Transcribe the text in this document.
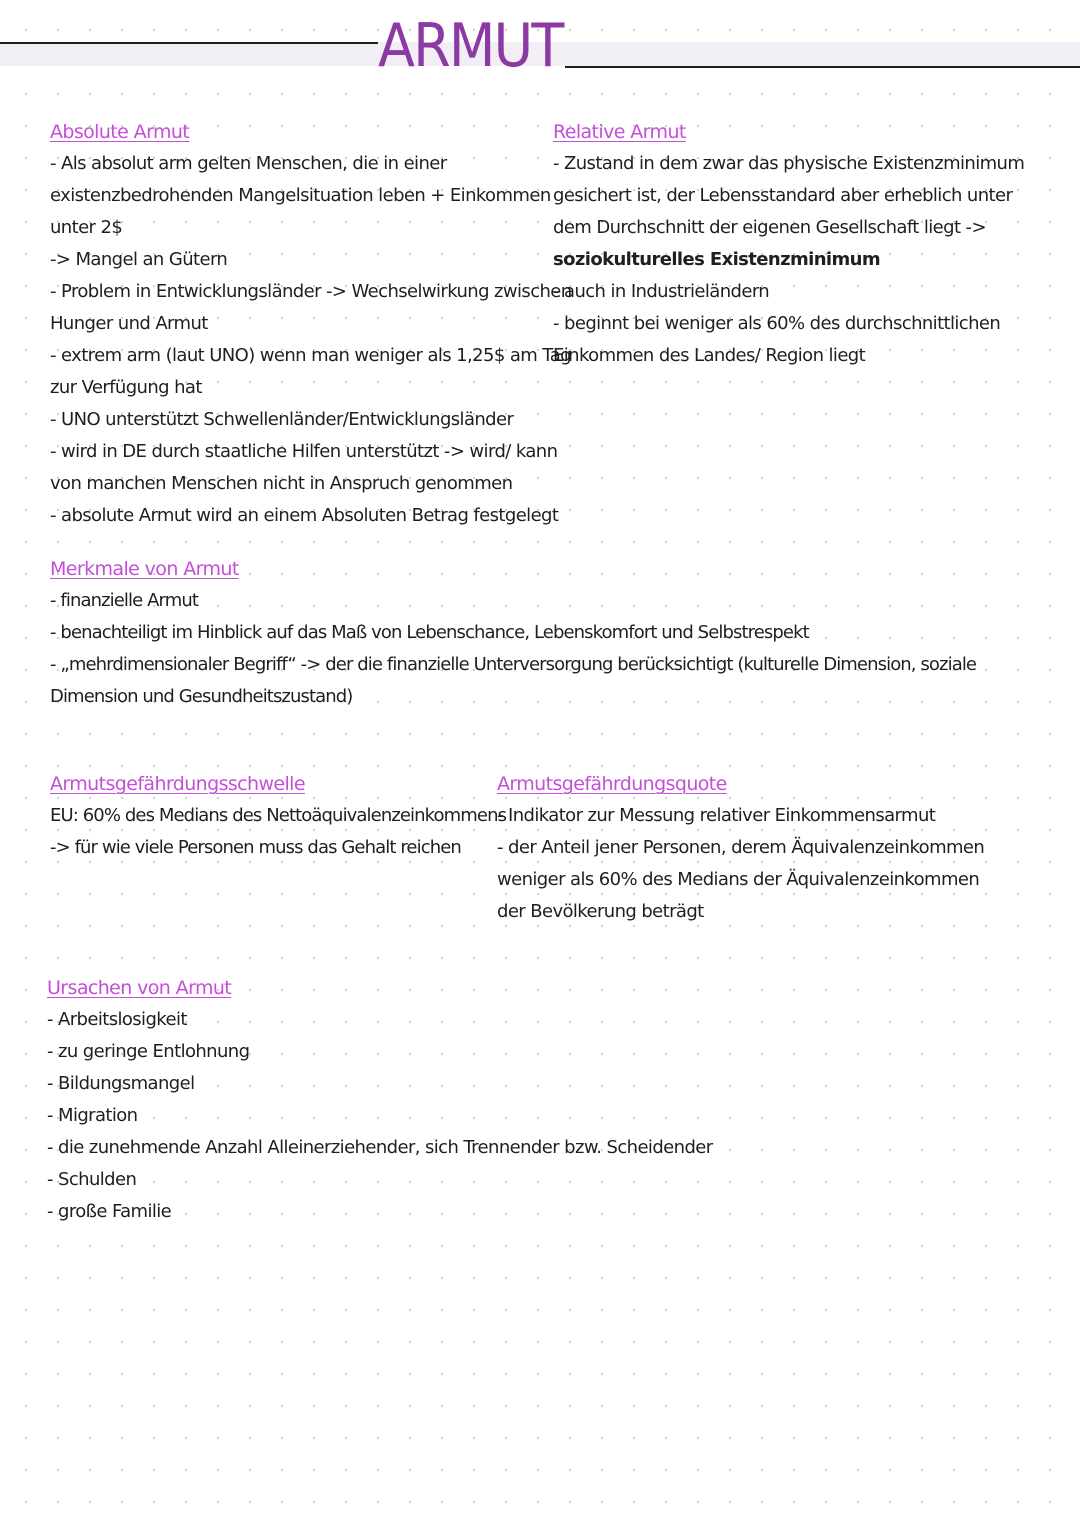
ARMUT
Absolute Armut
- Als absolut arm gelten Menschen, die in einer
existenzbedrohenden Mangelsituation leben + Einkommen
unter 2$
-> Mangel an Gütern
- Problem in Entwicklungsländer -> Wechselwirkung zwischen
Hunger und Armut
- extrem arm (laut UNO) wenn man weniger als 1,25$ am Tag
zur Verfügung hat
- UNO unterstützt Schwellenländer/Entwicklungsländer
- wird in DE durch staatliche Hilfen unterstützt -> wird/ kann
von manchen Menschen nicht in Anspruch genommen
- absolute Armut wird an einem Absoluten Betrag festgelegt
Relative Armut
- Zustand in dem zwar das physische Existenzminimum
gesichert ist, der Lebensstandard aber erheblich unter
dem Durchschnitt der eigenen Gesellschaft liegt ->
soziokulturelles Existenzminimum
- auch in Industrieländern
- beginnt bei weniger als 60% des durchschnittlichen
Einkommen des Landes/ Region liegt
Merkmale von Armut
- finanzielle Armut
- benachteiligt im Hinblick auf das Maß von Lebenschance, Lebenskomfort und Selbstrespekt
- „mehrdimensionaler Begriff“ -> der die finanzielle Unterversorgung berücksichtigt (kulturelle Dimension, soziale
Dimension und Gesundheitszustand)
Armutsgefährdungsschwelle
EU: 60% des Medians des Nettoäquivalenzeinkommens
-> für wie viele Personen muss das Gehalt reichen
Armutsgefährdungsquote
- Indikator zur Messung relativer Einkommensarmut
- der Anteil jener Personen, derem Äquivalenzeinkommen
weniger als 60% des Medians der Äquivalenzeinkommen
der Bevölkerung beträgt
Ursachen von Armut
- Arbeitslosigkeit
- zu geringe Entlohnung
- Bildungsmangel
- Migration
- die zunehmende Anzahl Alleinerziehender, sich Trennender bzw. Scheidender
- Schulden
- große Familie
